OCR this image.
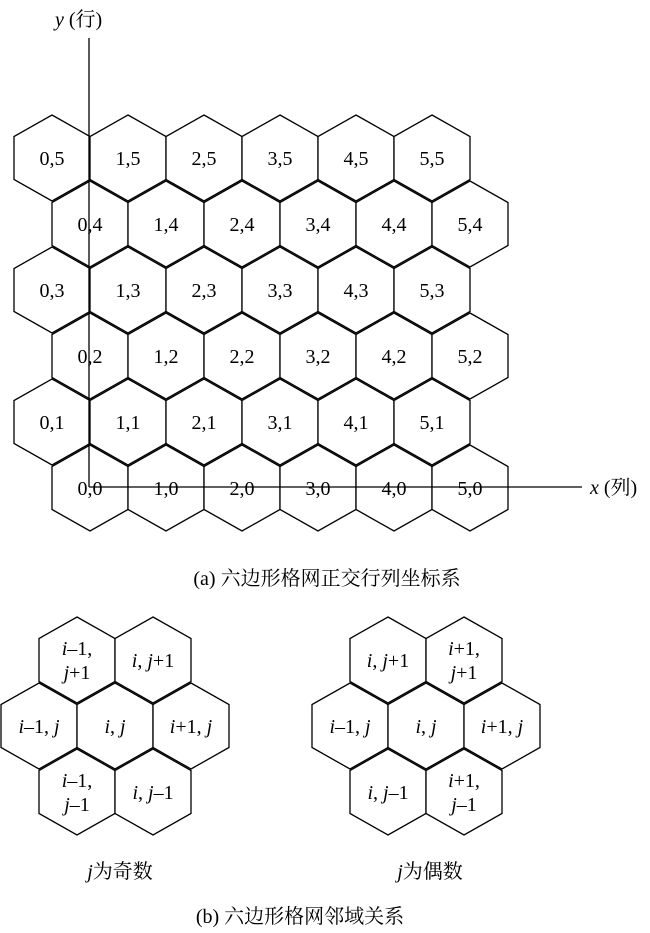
0,0	1,0	2,0	3,0	4,0	5,0
0,1	1,1	2,1	3,1	4,1	5,1
0,2	1,2	2,2	3,2	4,2	5,2
0,3	1,3	2,3	3,3	4,3	5,3
0,4	1,4	2,4	3,4	4,4	5,4
0,5	1,5	2,5	3,5	4,5	5,5
y (行)
x (列)
(a) 六边形格网正交行列坐标系
i–1,
j+1
i, j+1
i–1, j i, j i+1, j
i–1,
j–1
i, j–1
i, j+1
i+1,
j+1
i–1, j i, j i+1, j
i, j–1
i+1,
j–1
j为奇数	j为偶数
(b) 六边形格网邻域关系
